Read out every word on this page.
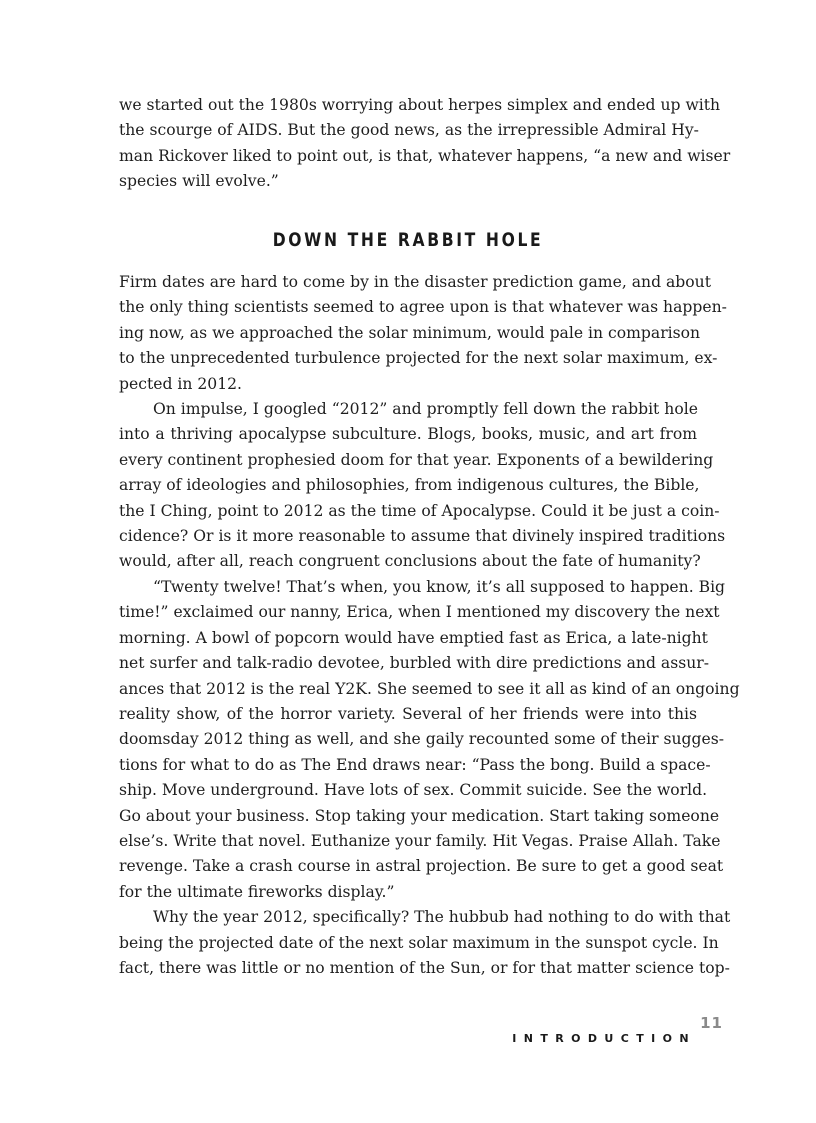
we started out the 1980s worrying about herpes simplex and ended up with
the scourge of AIDS. But the good news, as the irrepressible Admiral Hy-
man Rickover liked to point out, is that, whatever happens, “a new and wiser
species will evolve.”
DOWN THE RABBIT HOLE
Firm dates are hard to come by in the disaster prediction game, and about
the only thing scientists seemed to agree upon is that whatever was happen-
ing now, as we approached the solar minimum, would pale in comparison
to the unprecedented turbulence projected for the next solar maximum, ex-
pected in 2012.
On impulse, I googled “2012” and promptly fell down the rabbit hole
into a thriving apocalypse subculture. Blogs, books, music, and art from
every continent prophesied doom for that year. Exponents of a bewildering
array of ideologies and philosophies, from indigenous cultures, the Bible,
the I Ching, point to 2012 as the time of Apocalypse. Could it be just a coin-
cidence? Or is it more reasonable to assume that divinely inspired traditions
would, after all, reach congruent conclusions about the fate of humanity?
“Twenty twelve! That’s when, you know, it’s all supposed to happen. Big
time!” exclaimed our nanny, Erica, when I mentioned my discovery the next
morning. A bowl of popcorn would have emptied fast as Erica, a late-night
net surfer and talk-radio devotee, burbled with dire predictions and assur-
ances that 2012 is the real Y2K. She seemed to see it all as kind of an ongoing
reality show, of the horror variety. Several of her friends were into this
doomsday 2012 thing as well, and she gaily recounted some of their sugges-
tions for what to do as The End draws near: “Pass the bong. Build a space-
ship. Move underground. Have lots of sex. Commit suicide. See the world.
Go about your business. Stop taking your medication. Start taking someone
else’s. Write that novel. Euthanize your family. Hit Vegas. Praise Allah. Take
revenge. Take a crash course in astral projection. Be sure to get a good seat
for the ultimate fireworks display.”
Why the year 2012, specifically? The hubbub had nothing to do with that
being the projected date of the next solar maximum in the sunspot cycle. In
fact, there was little or no mention of the Sun, or for that matter science top-
11
INTRODUCTION
